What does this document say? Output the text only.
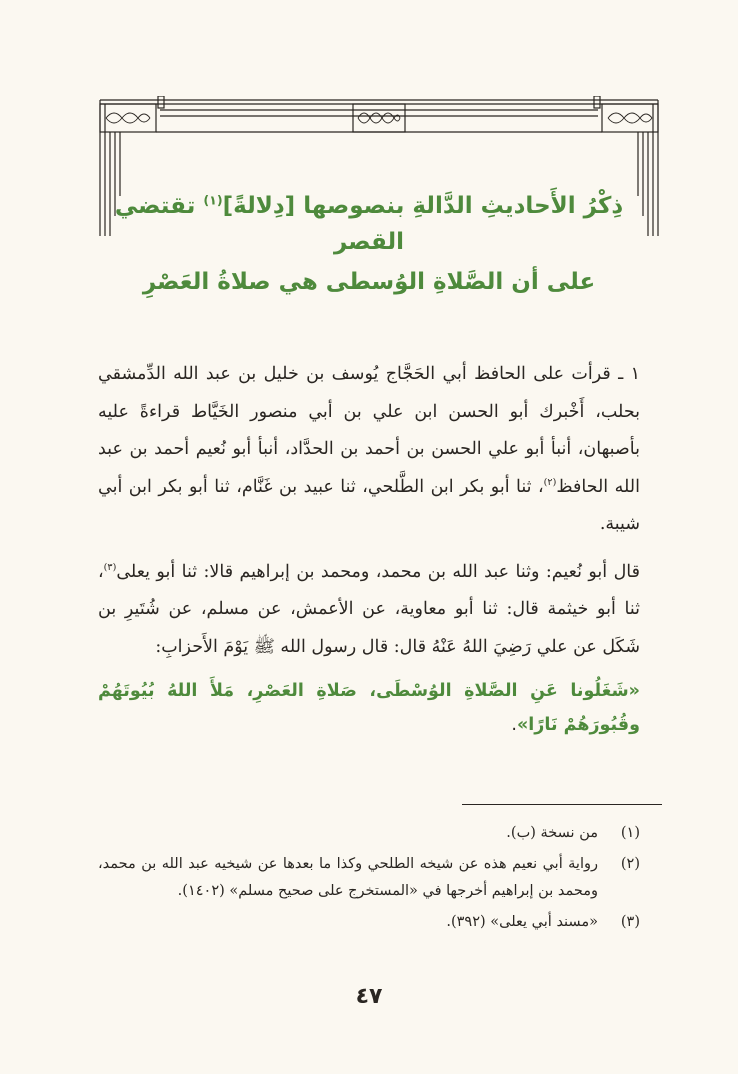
ذِكْرُ الأَحاديثِ الدَّالةِ بنصوصها [دِلالةً]$^{(١)}$ تقتضي
القصر
على أن الصَّلاةِ الوُسطى هي صلاةُ العَصْرِ

١ ـ قرأت على الحافظ أبي الحَجَّاج يُوسف بن خليل بن عبد الله الدِّمشقي بحلب، أَخْبرك أبو الحسن ابن علي بن أبي منصور الخَيَّاط قراءةً عليه بأصبهان، أنبأ أبو علي الحسن بن أحمد بن الحدَّاد، أنبأ أبو نُعيم أحمد بن عبد الله الحافظ$^{(٢)}$، ثنا أبو بكر ابن الطَّلحي، ثنا عبيد بن غَنَّام، ثنا أبو بكر ابن أبي شيبة.

قال أبو نُعيم: وثنا عبد الله بن محمد، ومحمد بن إبراهيم قالا: ثنا أبو يعلى$^{(٣)}$، ثنا أبو خيثمة قال: ثنا أبو معاوية، عن الأعمش، عن مسلم، عن شُتَيرِ بن شَكَل عن علي رَضِيَ اللهُ عَنْهُ قال: قال رسول الله ﷺ يَوْمَ الأَحزابِ:

«شَغَلُونا عَنِ الصَّلاةِ الوُسْطَى، صَلاةِ العَصْرِ، مَلأَ اللهُ بُيُوتَهُمْ وقُبُورَهُمْ نَارًا».

(١)
من نسخة (ب).
(٢)
رواية أبي نعيم هذه عن شيخه الطلحي وكذا ما بعدها عن شيخيه عبد الله بن محمد، ومحمد بن إبراهيم أخرجها في «المستخرج على صحيح مسلم» (١٤٠٢).
(٣)
«مسند أبي يعلى» (٣٩٢).
٤٧
